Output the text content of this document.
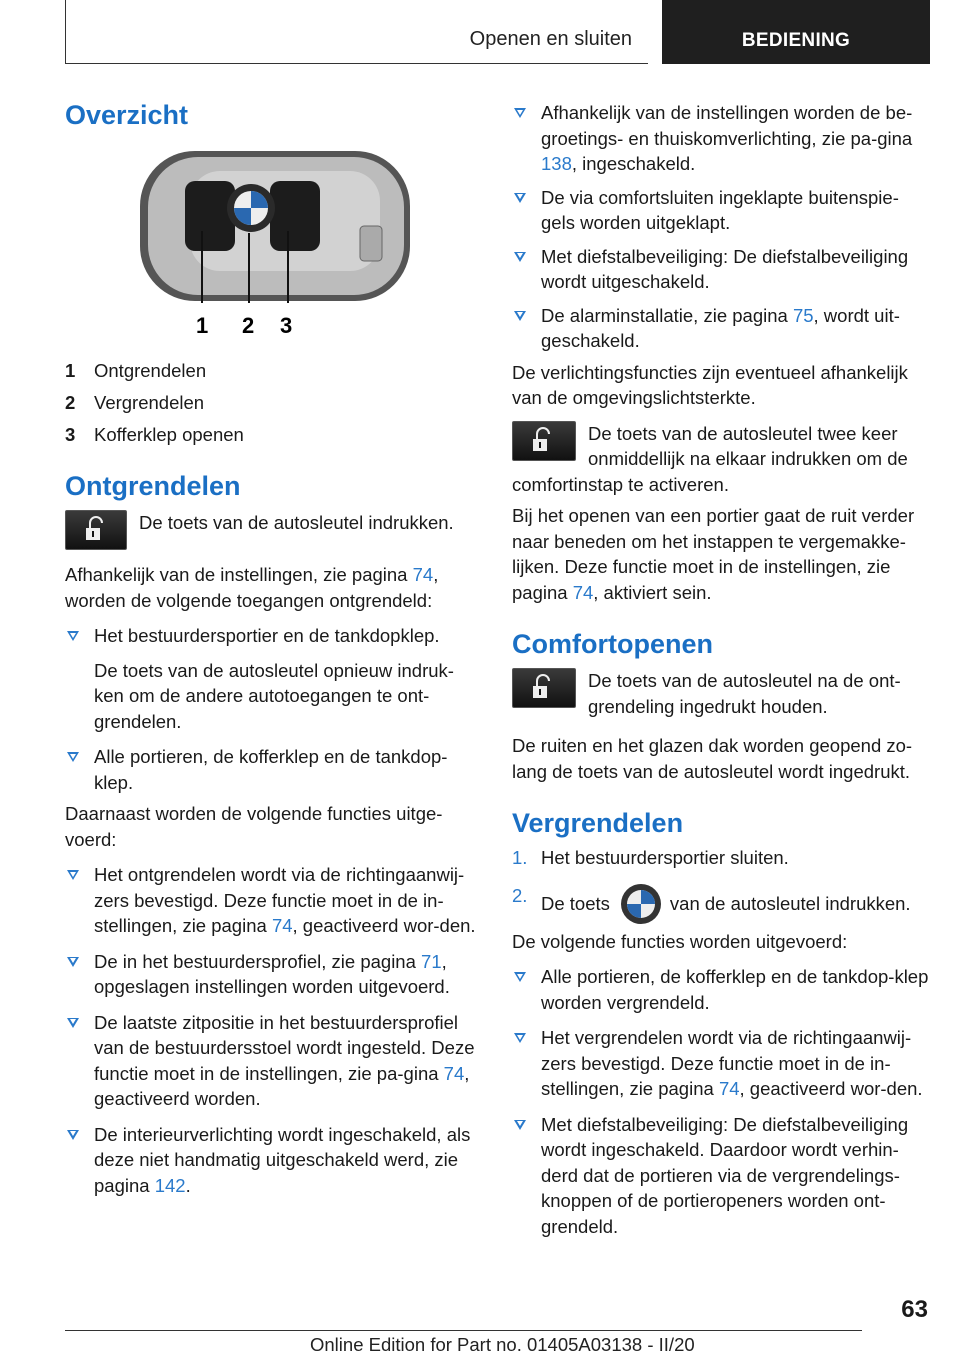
Openen en sluiten	BEDIENING
Overzicht
1 2 3
1 Ontgrendelen
2 Vergrendelen
3 Kofferklep openen
Ontgrendelen

De toets van de autosleutel indrukken.

Afhankelijk van de instellingen, zie pagina 74,
worden de volgende toegangen ontgrendeld:

Het bestuurdersportier en de tankdopklep.

De toets van de autosleutel opnieuw indruk-ken om de andere autotoegangen te ont-grendelen.

Alle portieren, de kofferklep en de tankdop-klep.

Daarnaast worden de volgende functies uitge-voerd:

Het ontgrendelen wordt via de richtingaanwij-zers bevestigd. Deze functie moet in de in-stellingen, zie pagina 74, geactiveerd wor-den.
De in het bestuurdersprofiel, zie pagina 71, opgeslagen instellingen worden uitgevoerd.
De laatste zitpositie in het bestuurdersprofiel van de bestuurdersstoel wordt ingesteld. Deze functie moet in de instellingen, zie pa-gina 74, geactiveerd worden.
De interieurverlichting wordt ingeschakeld, als deze niet handmatig uitgeschakeld werd, zie pagina 142.
Afhankelijk van de instellingen worden de be-groetings- en thuiskomverlichting, zie pa-gina 138, ingeschakeld.
De via comfortsluiten ingeklapte buitenspie-gels worden uitgeklapt.
Met diefstalbeveiliging: De diefstalbeveiliging wordt uitgeschakeld.
De alarminstallatie, zie pagina 75, wordt uit-geschakeld.

De verlichtingsfuncties zijn eventueel afhankelijk van de omgevingslichtsterkte.

De toets van de autosleutel twee keer onmiddellijk na elkaar indrukken om de

comfortinstap te activeren.

Bij het openen van een portier gaat de ruit verder naar beneden om het instappen te vergemakke-lijken. Deze functie moet in de instellingen, zie pagina 74, aktiviert sein.

Comfortopenen

De toets van de autosleutel na de ont-grendeling ingedrukt houden.

De ruiten en het glazen dak worden geopend zo-lang de toets van de autosleutel wordt ingedrukt.

Vergrendelen
1. Het bestuurdersportier sluiten.
2. De toets	van de autosleutel indrukken.

De volgende functies worden uitgevoerd:

Alle portieren, de kofferklep en de tankdop-klep worden vergrendeld.
Het vergrendelen wordt via de richtingaanwij-zers bevestigd. Deze functie moet in de in-stellingen, zie pagina 74, geactiveerd wor-den.
Met diefstalbeveiliging: De diefstalbeveiliging wordt ingeschakeld. Daardoor wordt verhin-derd dat de portieren via de vergrendelings-knoppen of de portieropeners worden ont-grendeld.
63
Online Edition for Part no. 01405A03138 - II/20
